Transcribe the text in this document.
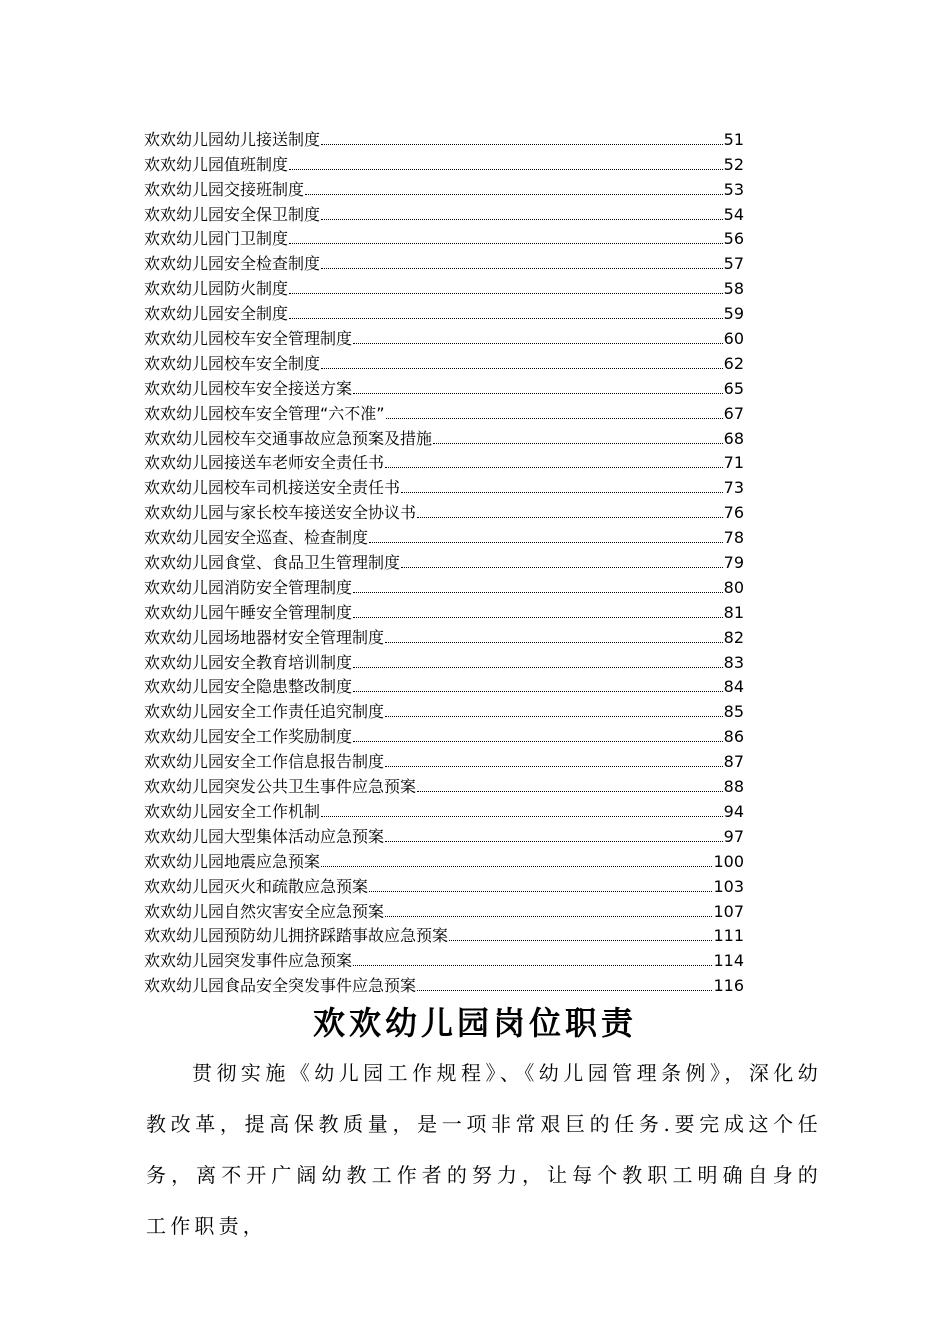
欢欢幼儿园幼儿接送制度	51
欢欢幼儿园值班制度	52
欢欢幼儿园交接班制度	53
欢欢幼儿园安全保卫制度	54
欢欢幼儿园门卫制度	56
欢欢幼儿园安全检查制度	57
欢欢幼儿园防火制度	58
欢欢幼儿园安全制度	59
欢欢幼儿园校车安全管理制度	60
欢欢幼儿园校车安全制度	62
欢欢幼儿园校车安全接送方案	65
欢欢幼儿园校车安全管理“六不准”	67
欢欢幼儿园校车交通事故应急预案及措施	68
欢欢幼儿园接送车老师安全责任书	71
欢欢幼儿园校车司机接送安全责任书	73
欢欢幼儿园与家长校车接送安全协议书	76
欢欢幼儿园安全巡查、检查制度	78
欢欢幼儿园食堂、食品卫生管理制度	79
欢欢幼儿园消防安全管理制度	80
欢欢幼儿园午睡安全管理制度	81
欢欢幼儿园场地器材安全管理制度	82
欢欢幼儿园安全教育培训制度	83
欢欢幼儿园安全隐患整改制度	84
欢欢幼儿园安全工作责任追究制度	85
欢欢幼儿园安全工作奖励制度	86
欢欢幼儿园安全工作信息报告制度	87
欢欢幼儿园突发公共卫生事件应急预案	88
欢欢幼儿园安全工作机制	94
欢欢幼儿园大型集体活动应急预案	97
欢欢幼儿园地震应急预案	100
欢欢幼儿园灭火和疏散应急预案	103
欢欢幼儿园自然灾害安全应急预案	107
欢欢幼儿园预防幼儿拥挤踩踏事故应急预案	111
欢欢幼儿园突发事件应急预案	114
欢欢幼儿园食品安全突发事件应急预案	116
欢欢幼儿园岗位职责

贯彻实施《幼儿园工作规程》、《幼儿园管理条例》，深化幼教改革，提高保教质量，是一项非常艰巨的任务.要完成这个任务，离不开广阔幼教工作者的努力，让每个教职工明确自身的工作职责，
